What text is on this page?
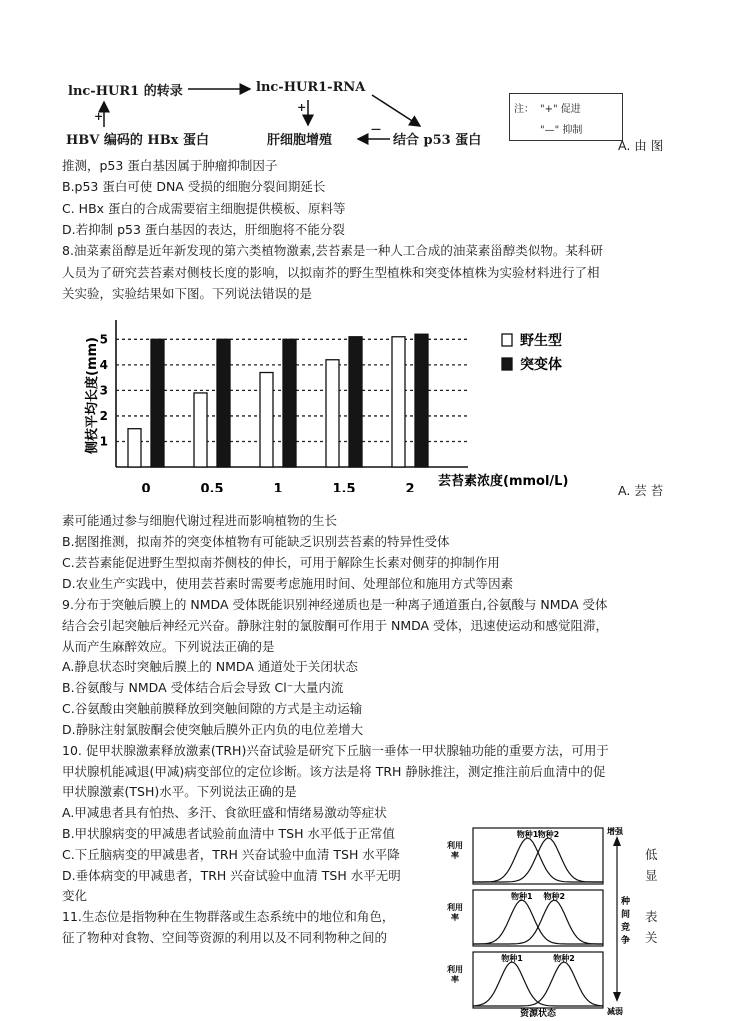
lnc-HUR1 的转录	lnc-HUR1-RNA
HBV 编码的 HBx 蛋白	肝细胞增殖	结合 p53 蛋白
+
+
—
注： "+" 促进
"—" 抑制
A. 由 图
推测，p53 蛋白基因属于肿瘤抑制因子
B.p53 蛋白可使 DNA 受损的细胞分裂间期延长
C. HBx 蛋白的合成需要宿主细胞提供模板、原料等
D.若抑制 p53 蛋白基因的表达，肝细胞将不能分裂
8.油菜素甾醇是近年新发现的第六类植物激素,芸苔素是一种人工合成的油菜素甾醇类似物。某科研
人员为了研究芸苔素对侧枝长度的影响，以拟南芥的野生型植株和突变体植株为实验材料进行了相
关实验，实验结果如下图。下列说法错误的是
1
2
3
4
5
侧枝平均长度(mm)
0	0.5	1	1.5	2
芸苔素浓度(mmol/L)
野生型
突变体
A. 芸 苔
素可能通过参与细胞代谢过程进而影响植物的生长
B.据图推测，拟南芥的突变体植物有可能缺乏识别芸苔素的特异性受体
C.芸苔素能促进野生型拟南芥侧枝的伸长，可用于解除生长素对侧芽的抑制作用
D.农业生产实践中，使用芸苔素时需要考虑施用时间、处理部位和施用方式等因素
9.分布于突触后膜上的 NMDA 受体既能识别神经递质也是一种离子通道蛋白,谷氨酸与 NMDA 受体
结合会引起突触后神经元兴奋。静脉注射的氯胺酮可作用于 NMDA 受体，迅速使运动和感觉阻滞，
从而产生麻醉效应。下列说法正确的是
A.静息状态时突触后膜上的 NMDA 通道处于关闭状态
B.谷氨酸与 NMDA 受体结合后会导致 Cl⁻大量内流
C.谷氨酸由突触前膜释放到突触间隙的方式是主动运输
D.静脉注射氯胺酮会使突触后膜外正内负的电位差增大
10. 促甲状腺激素释放激素(TRH)兴奋试验是研究下丘脑一垂体一甲状腺轴功能的重要方法，可用于
甲状腺机能减退(甲减)病变部位的定位诊断。该方法是将 TRH 静脉推注，测定推注前后血清中的促
甲状腺激素(TSH)水平。下列说法正确的是
A.甲减患者具有怕热、多汗、食欲旺盛和情绪易激动等症状
B.甲状腺病变的甲减患者试验前血清中 TSH 水平低于正常值
C.下丘脑病变的甲减患者，TRH 兴奋试验中血清 TSH 水平降	低
D.垂体病变的甲减患者，TRH 兴奋试验中血清 TSH 水平无明	显
变化
11.生态位是指物种在生物群落或生态系统中的地位和角色，	表
征了物种对食物、空间等资源的利用以及不同利物种之间的	关
利用
率
物种1 物种2
利用
率
物种1 物种2
利用
率
物种1	物种2
资源状态
增强
减弱
种
间
竞
争
